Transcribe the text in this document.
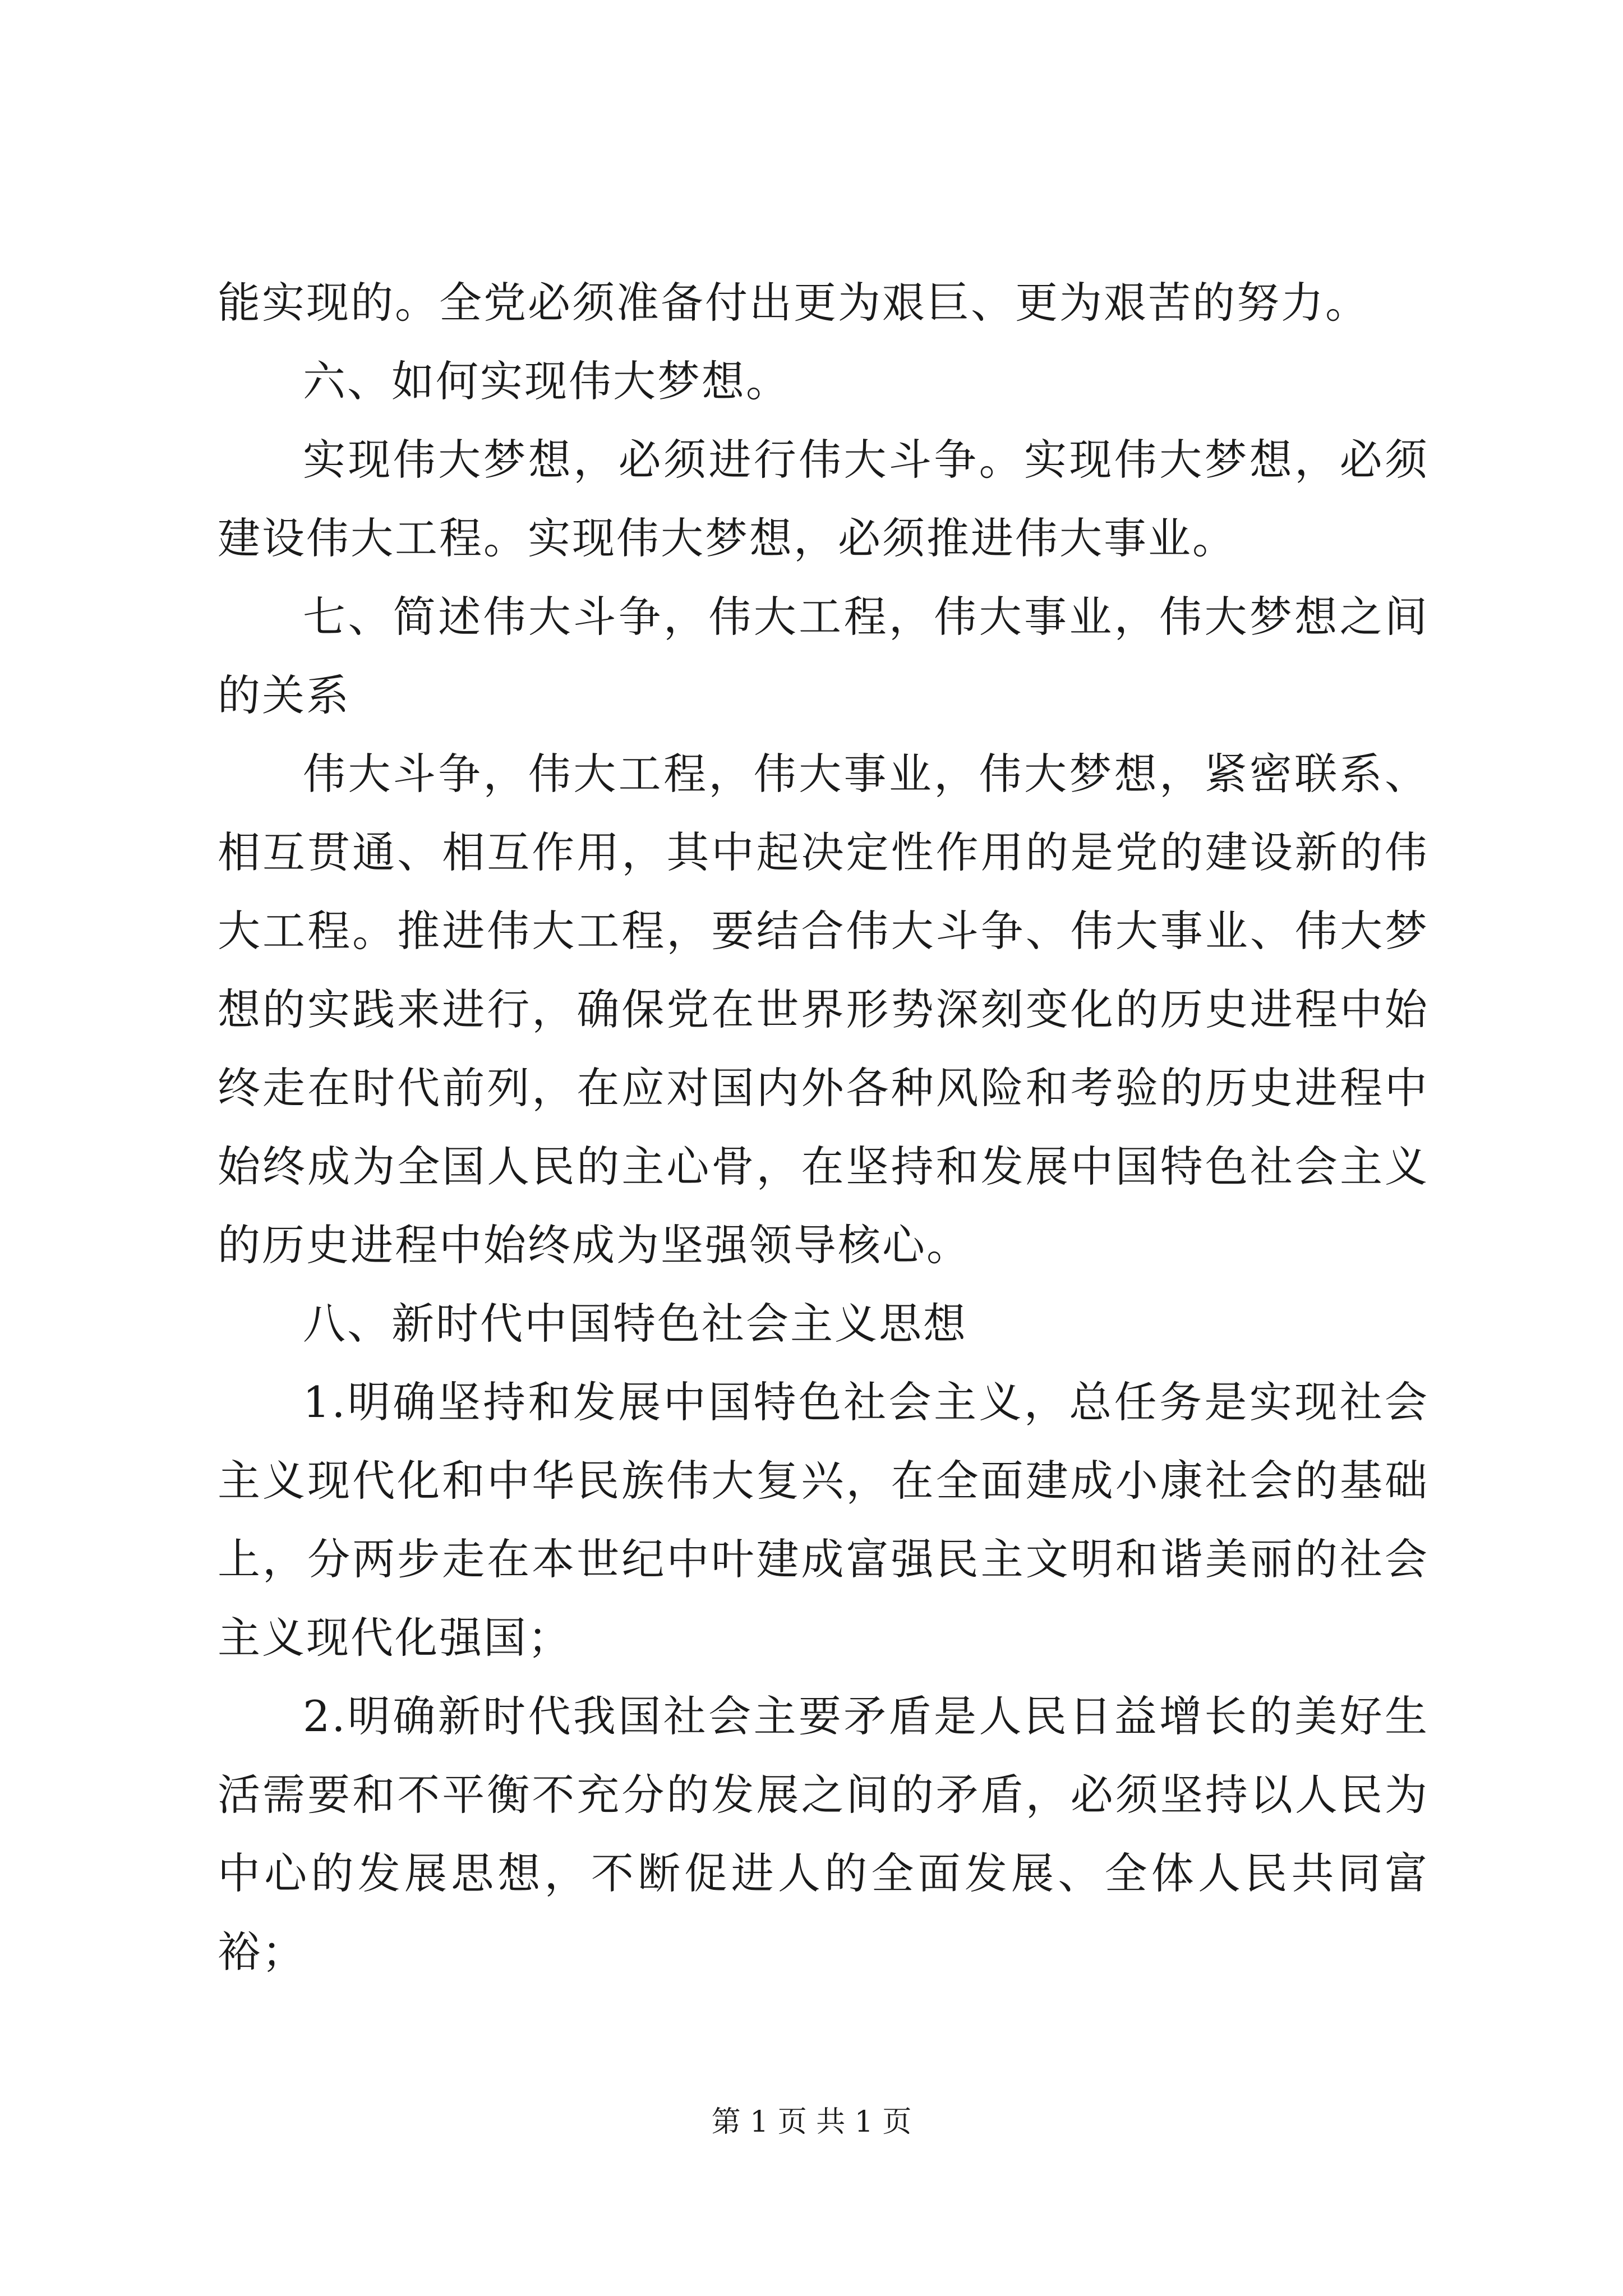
能实现的。全党必须准备付出更为艰巨、更为艰苦的努力。

六、如何实现伟大梦想。

实现伟大梦想，必须进行伟大斗争。实现伟大梦想，必须建设伟大工程。实现伟大梦想，必须推进伟大事业。

七、简述伟大斗争，伟大工程，伟大事业，伟大梦想之间的关系

伟大斗争，伟大工程，伟大事业，伟大梦想，紧密联系、相互贯通、相互作用，其中起决定性作用的是党的建设新的伟大工程。推进伟大工程，要结合伟大斗争、伟大事业、伟大梦想的实践来进行，确保党在世界形势深刻变化的历史进程中始终走在时代前列，在应对国内外各种风险和考验的历史进程中始终成为全国人民的主心骨，在坚持和发展中国特色社会主义的历史进程中始终成为坚强领导核心。

八、新时代中国特色社会主义思想

1.明确坚持和发展中国特色社会主义，总任务是实现社会主义现代化和中华民族伟大复兴，在全面建成小康社会的基础上，分两步走在本世纪中叶建成富强民主文明和谐美丽的社会主义现代化强国；

2.明确新时代我国社会主要矛盾是人民日益增长的美好生活需要和不平衡不充分的发展之间的矛盾，必须坚持以人民为中心的发展思想，不断促进人的全面发展、全体人民共同富裕；

第 1 页 共 1 页
